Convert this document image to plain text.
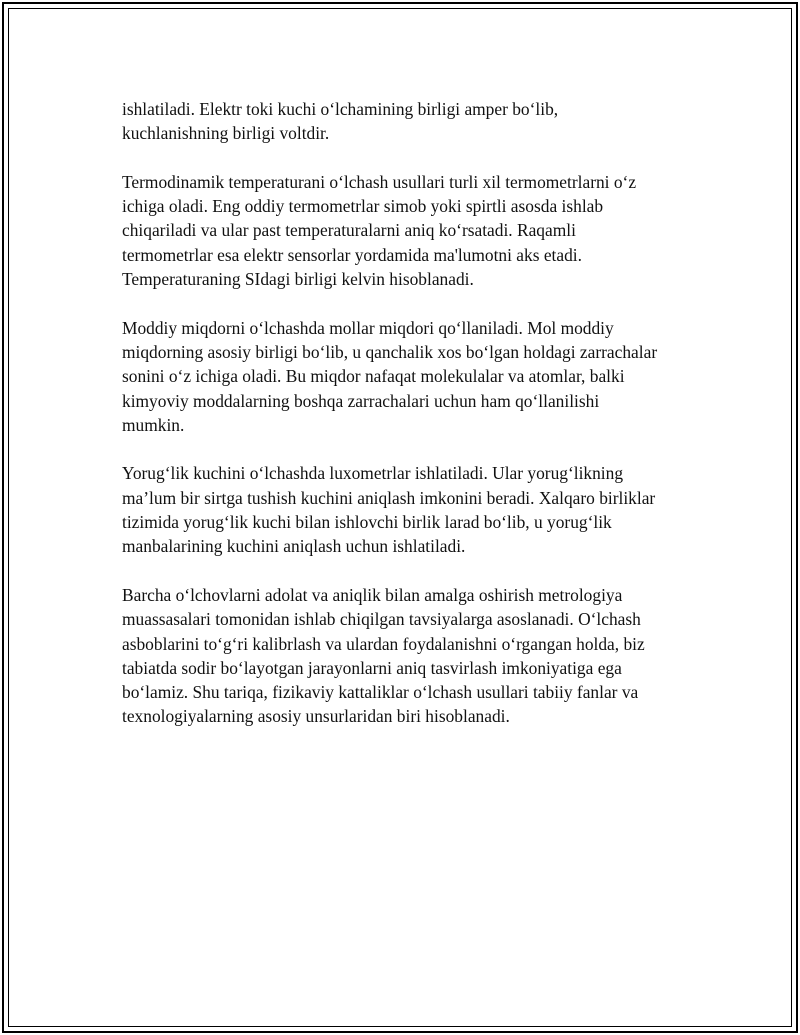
ishlatiladi. Elektr toki kuchi o‘lchamining birligi amper bo‘lib,
kuchlanishning birligi voltdir.

Termodinamik temperaturani o‘lchash usullari turli xil termometrlarni o‘z
ichiga oladi. Eng oddiy termometrlar simob yoki spirtli asosda ishlab
chiqariladi va ular past temperaturalarni aniq ko‘rsatadi. Raqamli
termometrlar esa elektr sensorlar yordamida ma'lumotni aks etadi.
Temperaturaning SIdagi birligi kelvin hisoblanadi.

Moddiy miqdorni o‘lchashda mollar miqdori qo‘llaniladi. Mol moddiy
miqdorning asosiy birligi bo‘lib, u qanchalik xos bo‘lgan holdagi zarrachalar
sonini o‘z ichiga oladi. Bu miqdor nafaqat molekulalar va atomlar, balki
kimyoviy moddalarning boshqa zarrachalari uchun ham qo‘llanilishi
mumkin.

Yorug‘lik kuchini o‘lchashda luxometrlar ishlatiladi. Ular yorug‘likning
ma’lum bir sirtga tushish kuchini aniqlash imkonini beradi. Xalqaro birliklar
tizimida yorug‘lik kuchi bilan ishlovchi birlik larad bo‘lib, u yorug‘lik
manbalarining kuchini aniqlash uchun ishlatiladi.

Barcha o‘lchovlarni adolat va aniqlik bilan amalga oshirish metrologiya
muassasalari tomonidan ishlab chiqilgan tavsiyalarga asoslanadi. O‘lchash
asboblarini to‘g‘ri kalibrlash va ulardan foydalanishni o‘rgangan holda, biz
tabiatda sodir bo‘layotgan jarayonlarni aniq tasvirlash imkoniyatiga ega
bo‘lamiz. Shu tariqa, fizikaviy kattaliklar o‘lchash usullari tabiiy fanlar va
texnologiyalarning asosiy unsurlaridan biri hisoblanadi.
